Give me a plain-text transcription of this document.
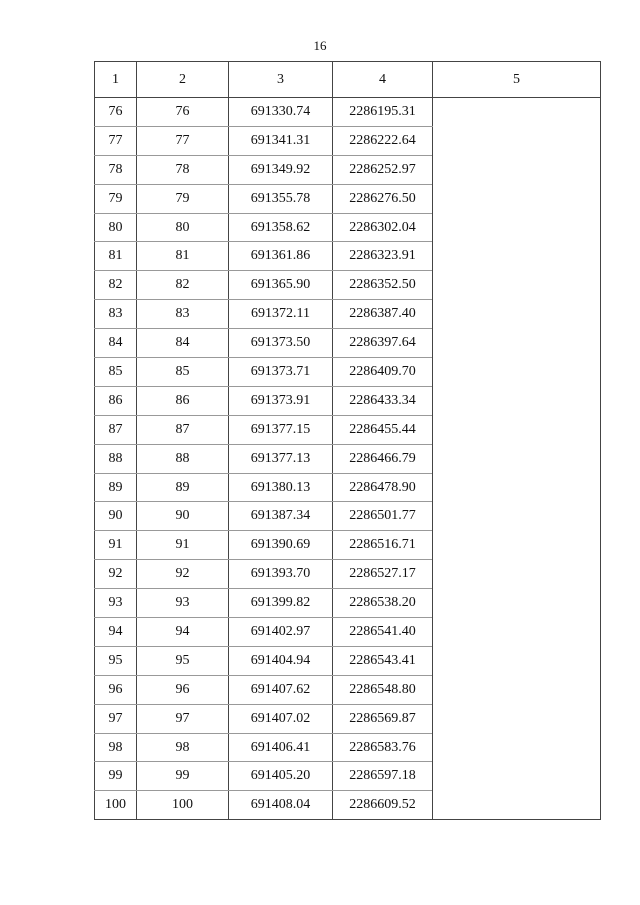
16
1	2	3	4	5
76	76	691330.74	2286195.31	
77	77	691341.31	2286222.64	
78	78	691349.92	2286252.97	
79	79	691355.78	2286276.50	
80	80	691358.62	2286302.04	
81	81	691361.86	2286323.91	
82	82	691365.90	2286352.50	
83	83	691372.11	2286387.40	
84	84	691373.50	2286397.64	
85	85	691373.71	2286409.70	
86	86	691373.91	2286433.34	
87	87	691377.15	2286455.44	
88	88	691377.13	2286466.79	
89	89	691380.13	2286478.90	
90	90	691387.34	2286501.77	
91	91	691390.69	2286516.71	
92	92	691393.70	2286527.17	
93	93	691399.82	2286538.20	
94	94	691402.97	2286541.40	
95	95	691404.94	2286543.41	
96	96	691407.62	2286548.80	
97	97	691407.02	2286569.87	
98	98	691406.41	2286583.76	
99	99	691405.20	2286597.18	
100	100	691408.04	2286609.52	
